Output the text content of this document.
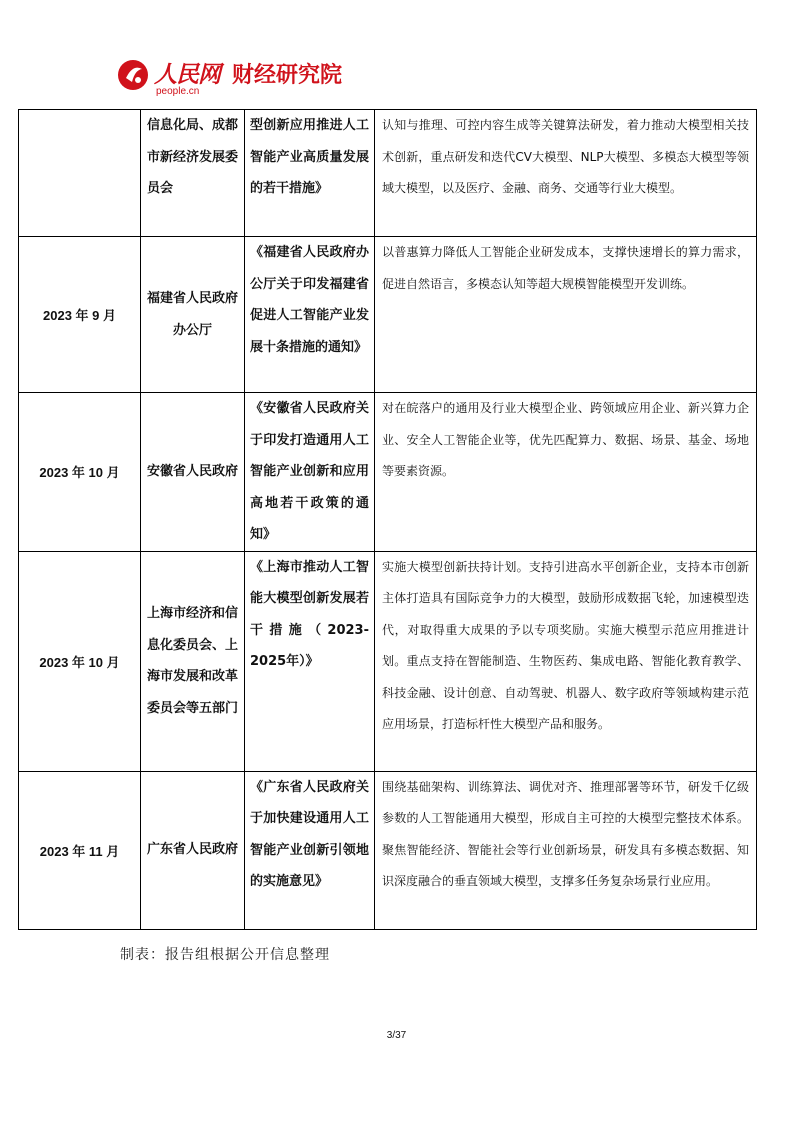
人民网
people.cn
财经研究院
	信息化局、成都市新经济发展委员会	型创新应用推进人工智能产业高质量发展的若干措施》	认知与推理、可控内容生成等关键算法研发，着力推动大模型相关技术创新，重点研发和迭代CV大模型、NLP大模型、多模态大模型等领域大模型，以及医疗、金融、商务、交通等行业大模型。
2023 年 9 月	福建省人民政府办公厅	《福建省人民政府办公厅关于印发福建省促进人工智能产业发展十条措施的通知》	以普惠算力降低人工智能企业研发成本，支撑快速增长的算力需求，促进自然语言，多模态认知等超大规模智能模型开发训练。
2023 年 10 月	安徽省人民政府	《安徽省人民政府关于印发打造通用人工智能产业创新和应用高地若干政策的通知》	对在皖落户的通用及行业大模型企业、跨领域应用企业、新兴算力企业、安全人工智能企业等，优先匹配算力、数据、场景、基金、场地等要素资源。
2023 年 10 月	上海市经济和信息化委员会、上海市发展和改革委员会等五部门	《上海市推动人工智能大模型创新发展若干措施（2023-2025年）》	实施大模型创新扶持计划。支持引进高水平创新企业，支持本市创新主体打造具有国际竞争力的大模型，鼓励形成数据飞轮，加速模型迭代，对取得重大成果的予以专项奖励。实施大模型示范应用推进计划。重点支持在智能制造、生物医药、集成电路、智能化教育教学、科技金融、设计创意、自动驾驶、机器人、数字政府等领域构建示范应用场景，打造标杆性大模型产品和服务。
2023 年 11 月	广东省人民政府	《广东省人民政府关于加快建设通用人工智能产业创新引领地的实施意见》	围绕基础架构、训练算法、调优对齐、推理部署等环节，研发千亿级参数的人工智能通用大模型，形成自主可控的大模型完整技术体系。聚焦智能经济、智能社会等行业创新场景，研发具有多模态数据、知识深度融合的垂直领域大模型，支撑多任务复杂场景行业应用。
制表：报告组根据公开信息整理
3/37
